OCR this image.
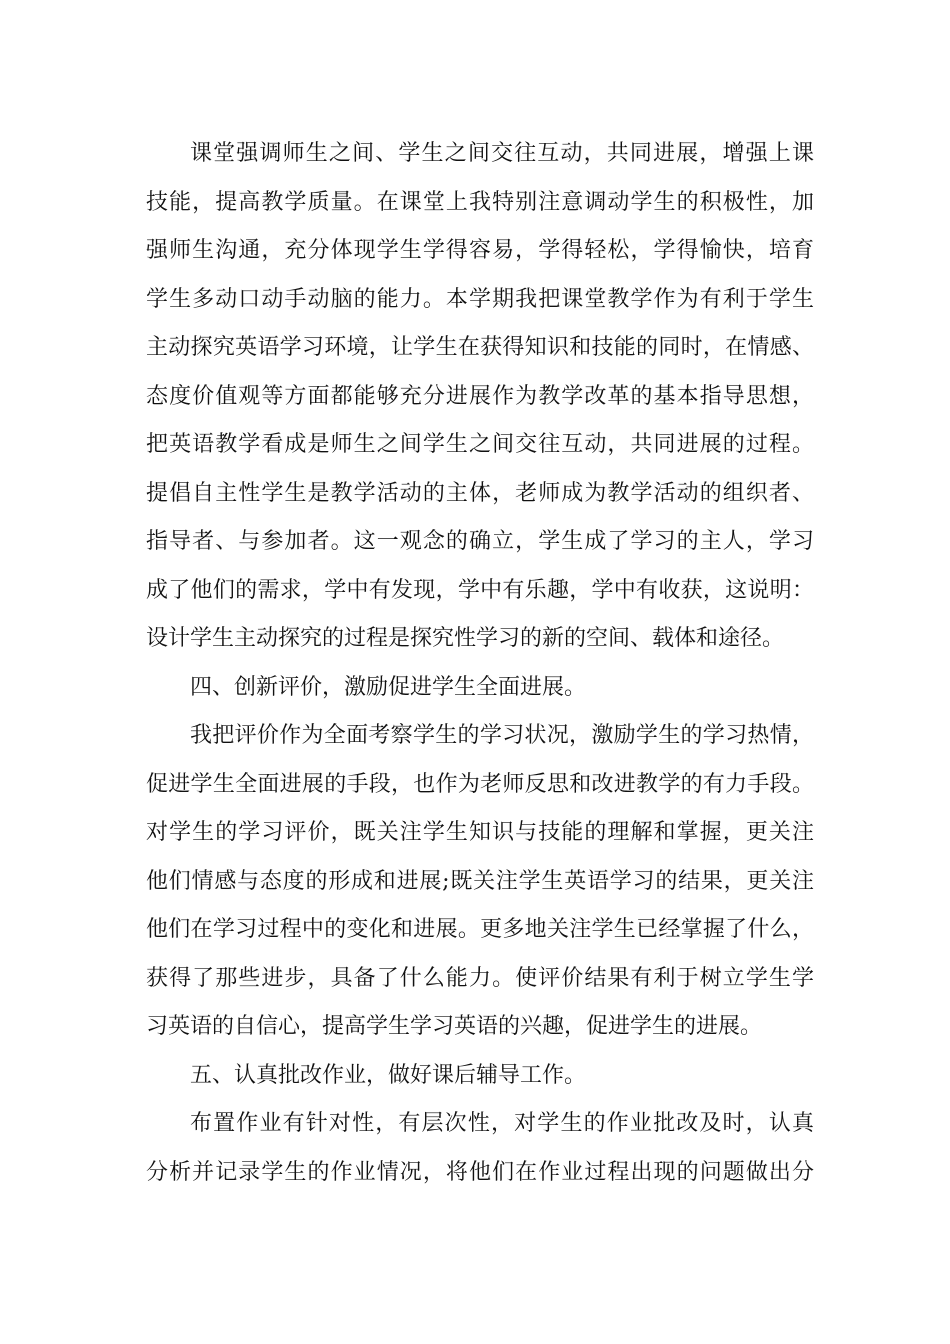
课堂强调师生之间、学生之间交往互动，共同进展，增强上课
技能，提高教学质量。在课堂上我特别注意调动学生的积极性，加
强师生沟通，充分体现学生学得容易，学得轻松，学得愉快，培育
学生多动口动手动脑的能力。本学期我把课堂教学作为有利于学生
主动探究英语学习环境，让学生在获得知识和技能的同时，在情感、
态度价值观等方面都能够充分进展作为教学改革的基本指导思想，
把英语教学看成是师生之间学生之间交往互动，共同进展的过程。
提倡自主性学生是教学活动的主体，老师成为教学活动的组织者、
指导者、与参加者。这一观念的确立，学生成了学习的主人，学习
成了他们的需求，学中有发现，学中有乐趣，学中有收获，这说明：
设计学生主动探究的过程是探究性学习的新的空间、载体和途径。
四、创新评价，激励促进学生全面进展。
我把评价作为全面考察学生的学习状况，激励学生的学习热情，
促进学生全面进展的手段，也作为老师反思和改进教学的有力手段。
对学生的学习评价，既关注学生知识与技能的理解和掌握，更关注
他们情感与态度的形成和进展;既关注学生英语学习的结果，更关注
他们在学习过程中的变化和进展。更多地关注学生已经掌握了什么，
获得了那些进步，具备了什么能力。使评价结果有利于树立学生学
习英语的自信心，提高学生学习英语的兴趣，促进学生的进展。
五、认真批改作业，做好课后辅导工作。
布置作业有针对性，有层次性，对学生的作业批改及时，认真
分析并记录学生的作业情况，将他们在作业过程出现的问题做出分
